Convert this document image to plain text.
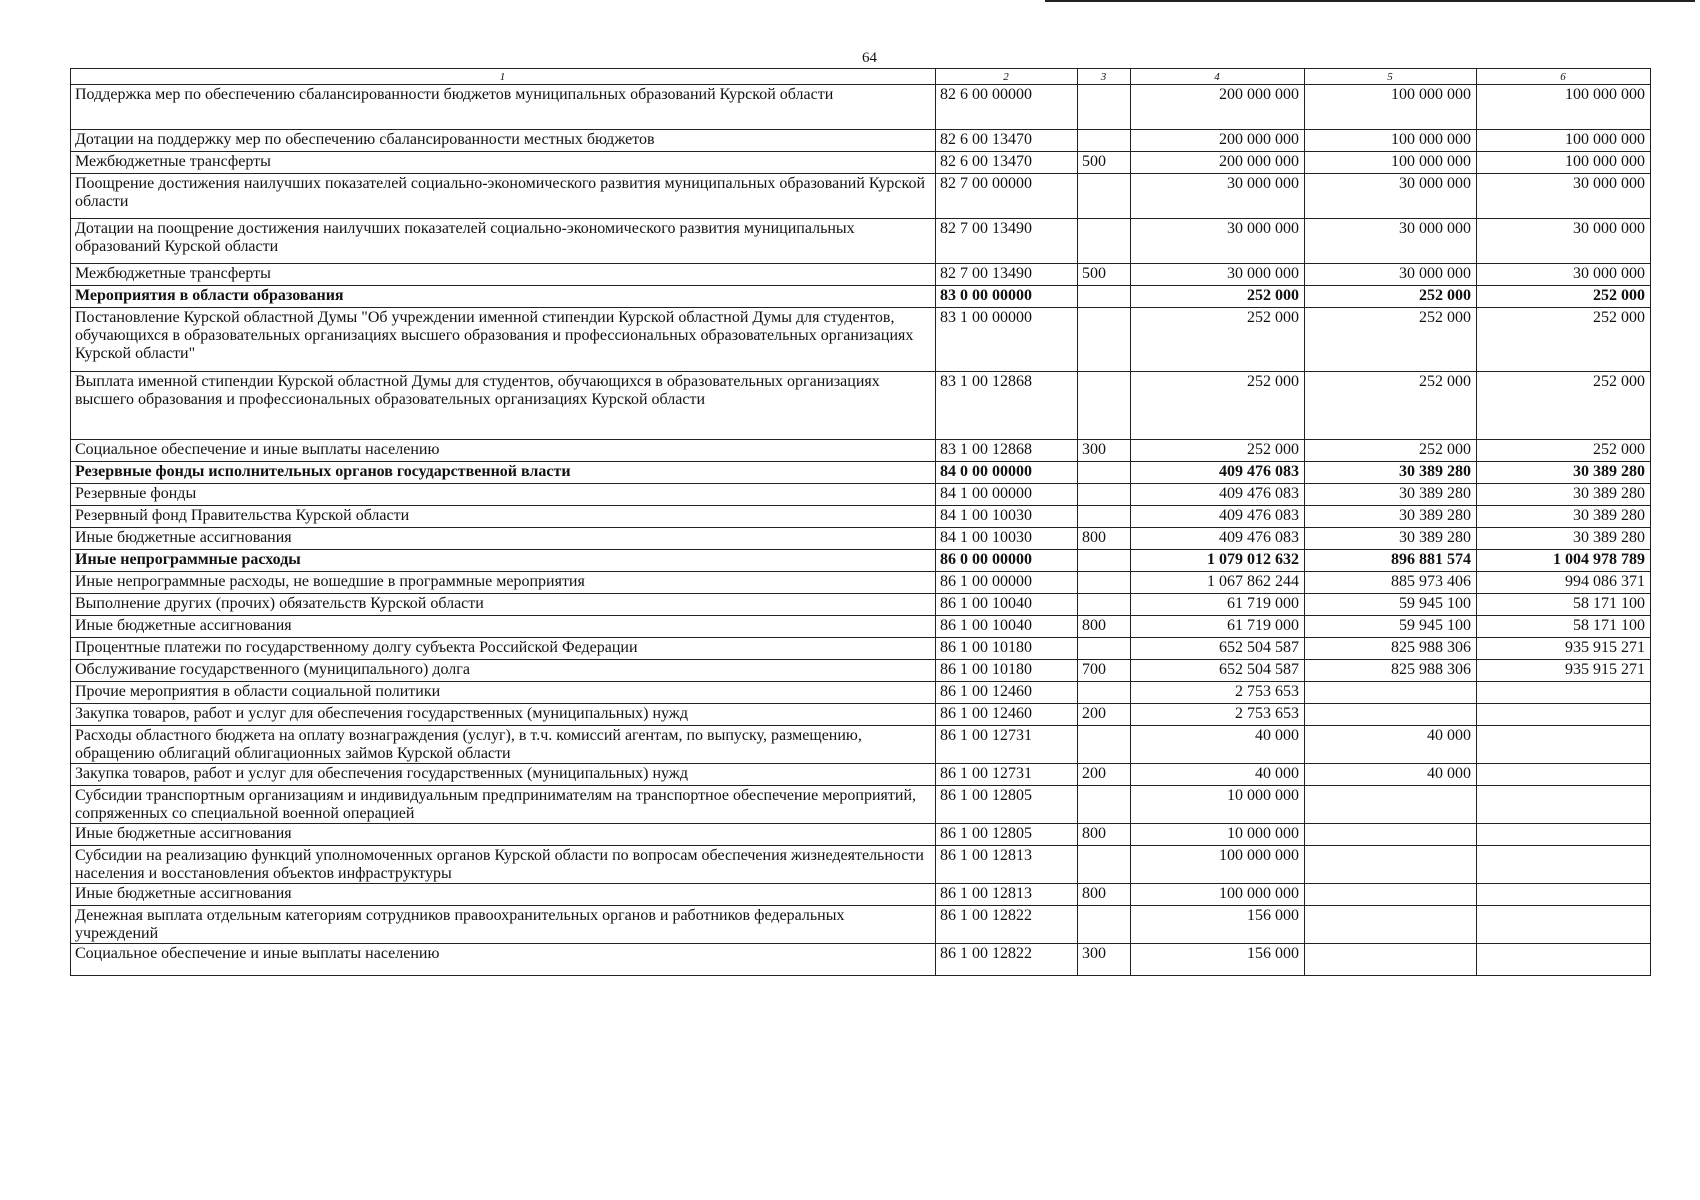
64
1	2	3	4	5	6
Поддержка мер по обеспечению сбалансированности бюджетов муниципальных образований Курской области	82 6 00 00000		200 000 000	100 000 000	100 000 000
Дотации на поддержку мер по обеспечению сбалансированности местных бюджетов	82 6 00 13470		200 000 000	100 000 000	100 000 000
Межбюджетные трансферты	82 6 00 13470	500	200 000 000	100 000 000	100 000 000
Поощрение достижения наилучших показателей социально-экономического развития муниципальных образований Курской области	82 7 00 00000		30 000 000	30 000 000	30 000 000
Дотации на поощрение достижения наилучших показателей социально-экономического развития муниципальных образований Курской области	82 7 00 13490		30 000 000	30 000 000	30 000 000
Межбюджетные трансферты	82 7 00 13490	500	30 000 000	30 000 000	30 000 000
Мероприятия в области образования	83 0 00 00000		252 000	252 000	252 000
Постановление Курской областной Думы "Об учреждении именной стипендии Курской областной Думы для студентов, обучающихся в образовательных организациях высшего образования и профессиональных образовательных организациях Курской области"	83 1 00 00000		252 000	252 000	252 000
Выплата именной стипендии Курской областной Думы для студентов, обучающихся в образовательных организациях высшего образования и профессиональных образовательных организациях Курской области	83 1 00 12868		252 000	252 000	252 000
Социальное обеспечение и иные выплаты населению	83 1 00 12868	300	252 000	252 000	252 000
Резервные фонды исполнительных органов государственной власти	84 0 00 00000		409 476 083	30 389 280	30 389 280
Резервные фонды	84 1 00 00000		409 476 083	30 389 280	30 389 280
Резервный фонд Правительства Курской области	84 1 00 10030		409 476 083	30 389 280	30 389 280
Иные бюджетные ассигнования	84 1 00 10030	800	409 476 083	30 389 280	30 389 280
Иные непрограммные расходы	86 0 00 00000		1 079 012 632	896 881 574	1 004 978 789
Иные непрограммные расходы, не вошедшие в программные мероприятия	86 1 00 00000		1 067 862 244	885 973 406	994 086 371
Выполнение других (прочих) обязательств Курской области	86 1 00 10040		61 719 000	59 945 100	58 171 100
Иные бюджетные ассигнования	86 1 00 10040	800	61 719 000	59 945 100	58 171 100
Процентные платежи по государственному долгу субъекта Российской Федерации	86 1 00 10180		652 504 587	825 988 306	935 915 271
Обслуживание государственного (муниципального) долга	86 1 00 10180	700	652 504 587	825 988 306	935 915 271
Прочие мероприятия в области социальной политики	86 1 00 12460		2 753 653		
Закупка товаров, работ и услуг для обеспечения государственных (муниципальных) нужд	86 1 00 12460	200	2 753 653		
Расходы областного бюджета на оплату вознаграждения (услуг), в т.ч. комиссий агентам, по выпуску, размещению, обращению облигаций облигационных займов Курской области	86 1 00 12731		40 000	40 000	
Закупка товаров, работ и услуг для обеспечения государственных (муниципальных) нужд	86 1 00 12731	200	40 000	40 000	
Субсидии транспортным организациям и индивидуальным предпринимателям на транспортное обеспечение мероприятий, сопряженных со специальной военной операцией	86 1 00 12805		10 000 000		
Иные бюджетные ассигнования	86 1 00 12805	800	10 000 000		
Субсидии на реализацию функций уполномоченных органов Курской области по вопросам обеспечения жизнедеятельности населения и восстановления объектов инфраструктуры	86 1 00 12813		100 000 000		
Иные бюджетные ассигнования	86 1 00 12813	800	100 000 000		
Денежная выплата отдельным категориям сотрудников правоохранительных органов и работников федеральных учреждений	86 1 00 12822		156 000		
Социальное обеспечение и иные выплаты населению	86 1 00 12822	300	156 000		
